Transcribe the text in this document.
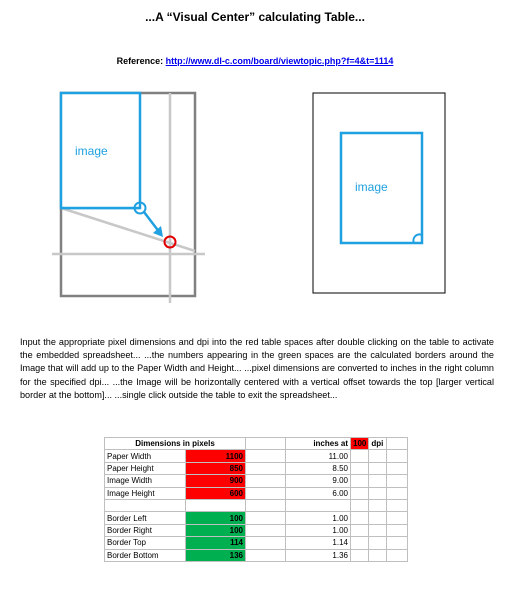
...A “Visual Center” calculating Table...
Reference: http://www.dl-c.com/board/viewtopic.php?f=4&t=1114
image
image
Input the appropriate pixel dimensions and dpi into the red table spaces after double clicking on the table to activate the embedded spreadsheet... ...the numbers appearing in the green spaces are the calculated borders around the Image that will add up to the Paper Width and Height... ...pixel dimensions are converted to inches in the right column for the specified dpi... ...the Image will be horizontally centered with a vertical offset towards the top [larger vertical border at the bottom]... ...single click outside the table to exit the spreadsheet...
Dimensions in pixels			inches at	100	dpi	
Paper Width	1100		11.00			
Paper Height	850		8.50			
Image Width	900		9.00			
Image Height	600		6.00			

Border Left	100		1.00			
Border Right	100		1.00			
Border Top	114		1.14			
Border Bottom	136		1.36			
